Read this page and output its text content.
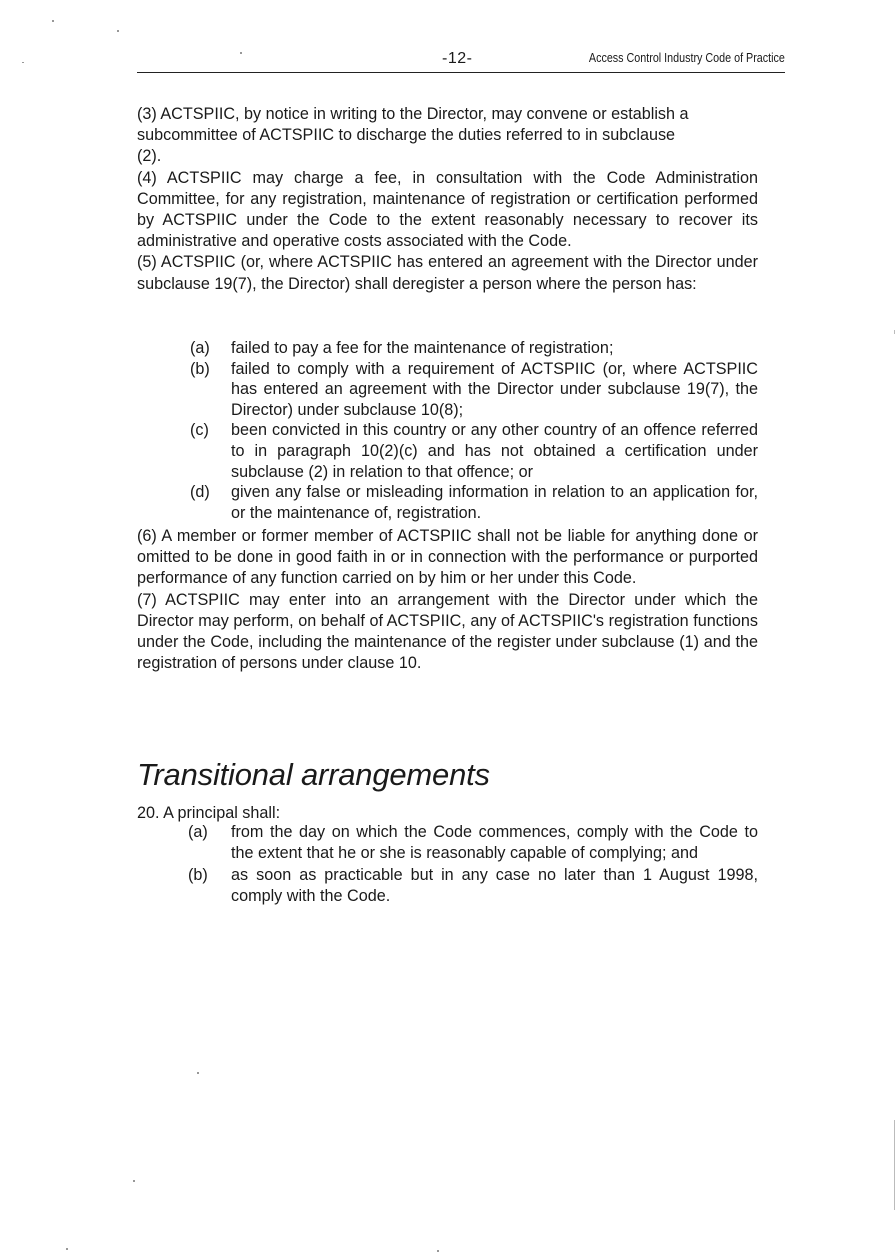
-12-	Access Control Industry Code of Practice

(3) ACTSPIIC, by notice in writing to the Director, may convene or establish a subcommittee of ACTSPIIC to discharge the duties referred to in subclause (2).

(4) ACTSPIIC may charge a fee, in consultation with the Code Administration Committee, for any registration, maintenance of registration or certification performed by ACTSPIIC under the Code to the extent reasonably necessary to recover its administrative and operative costs associated with the Code.

(5) ACTSPIIC (or, where ACTSPIIC has entered an agreement with the Director under subclause 19(7), the Director) shall deregister a person where the person has:

(a)	failed to pay a fee for the maintenance of registration;
(b)	failed to comply with a requirement of ACTSPIIC (or, where ACTSPIIC has entered an agreement with the Director under subclause 19(7), the Director) under subclause 10(8);
(c)	been convicted in this country or any other country of an offence referred to in paragraph 10(2)(c) and has not obtained a certification under subclause (2) in relation to that offence; or
(d)	given any false or misleading information in relation to an application for, or the maintenance of, registration.

(6) A member or former member of ACTSPIIC shall not be liable for anything done or omitted to be done in good faith in or in connection with the performance or purported performance of any function carried on by him or her under this Code.

(7) ACTSPIIC may enter into an arrangement with the Director under which the Director may perform, on behalf of ACTSPIIC, any of ACTSPIIC's registration functions under the Code, including the maintenance of the register under subclause (1) and the registration of persons under clause 10.

Transitional arrangements
20. A principal shall:
(a)	from the day on which the Code commences, comply with the Code to the extent that he or she is reasonably capable of complying; and
(b)	as soon as practicable but in any case no later than 1 August 1998, comply with the Code.
